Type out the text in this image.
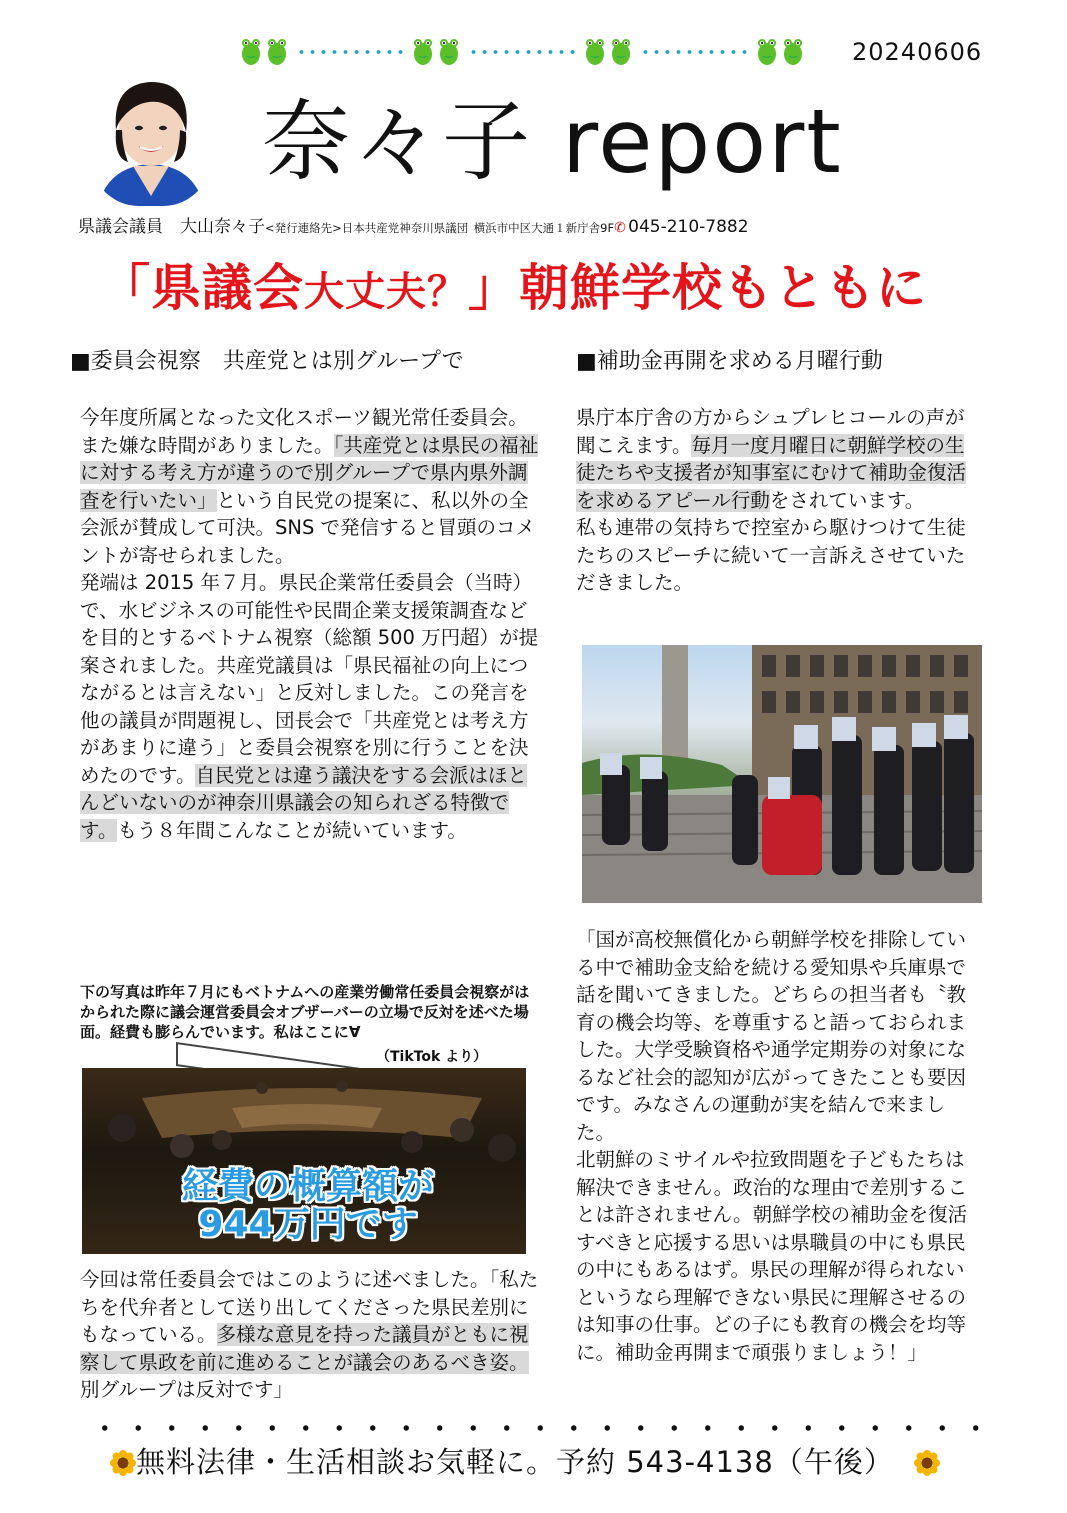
20240606
奈々子 report
県議会議員　大山奈々子<発行連絡先>日本共産党神奈川県議団 横浜市中区大通１新庁舎9F✆ 045-210-7882
「県議会大丈夫？」朝鮮学校もともに
■委員会視察　共産党とは別グループで

今年度所属となった文化スポーツ観光常任委員会。また嫌な時間がありました。「共産党とは県民の福祉に対する考え方が違うので別グループで県内県外調査を行いたい」という自民党の提案に、私以外の全会派が賛成して可決。SNS で発信すると冒頭のコメントが寄せられました。

発端は 2015 年７月。県民企業常任委員会（当時）で、水ビジネスの可能性や民間企業支援策調査などを目的とするベトナム視察（総額 500 万円超）が提案されました。共産党議員は「県民福祉の向上につながるとは言えない」と反対しました。この発言を他の議員が問題視し、団長会で「共産党とは考え方があまりに違う」と委員会視察を別に行うことを決めたのです。自民党とは違う議決をする会派はほとんどいないのが神奈川県議会の知られざる特徴です。もう８年間こんなことが続いています。

下の写真は昨年７月にもベトナムへの産業労働常任委員会視察がはかられた際に議会運営委員会オブザーバーの立場で反対を述べた場面。経費も膨らんでいます。私はここに∀
（TikTok より）
経費の概算額が
944万円です

今回は常任委員会ではこのように述べました。「私たちを代弁者として送り出してくださった県民差別にもなっている。多様な意見を持った議員がともに視察して県政を前に進めることが議会のあるべき姿。別グループは反対です」

■補助金再開を求める月曜行動

県庁本庁舎の方からシュプレヒコールの声が聞こえます。毎月一度月曜日に朝鮮学校の生徒たちや支援者が知事室にむけて補助金復活を求めるアピール行動をされています。

私も連帯の気持ちで控室から駆けつけて生徒たちのスピーチに続いて一言訴えさせていただきました。

「国が高校無償化から朝鮮学校を排除している中で補助金支給を続ける愛知県や兵庫県で話を聞いてきました。どちらの担当者も〝教育の機会均等〟を尊重すると語っておられました。大学受験資格や通学定期券の対象になるなど社会的認知が広がってきたことも要因です。みなさんの運動が実を結んで来ました。

北朝鮮のミサイルや拉致問題を子どもたちは解決できません。政治的な理由で差別することは許されません。朝鮮学校の補助金を復活すべきと応援する思いは県職員の中にも県民の中にもあるはず。県民の理解が得られないというなら理解できない県民に理解させるのは知事の仕事。どの子にも教育の機会を均等に。補助金再開まで頑張りましょう！」

無料法律・生活相談お気軽に。予約 543-4138（午後）
